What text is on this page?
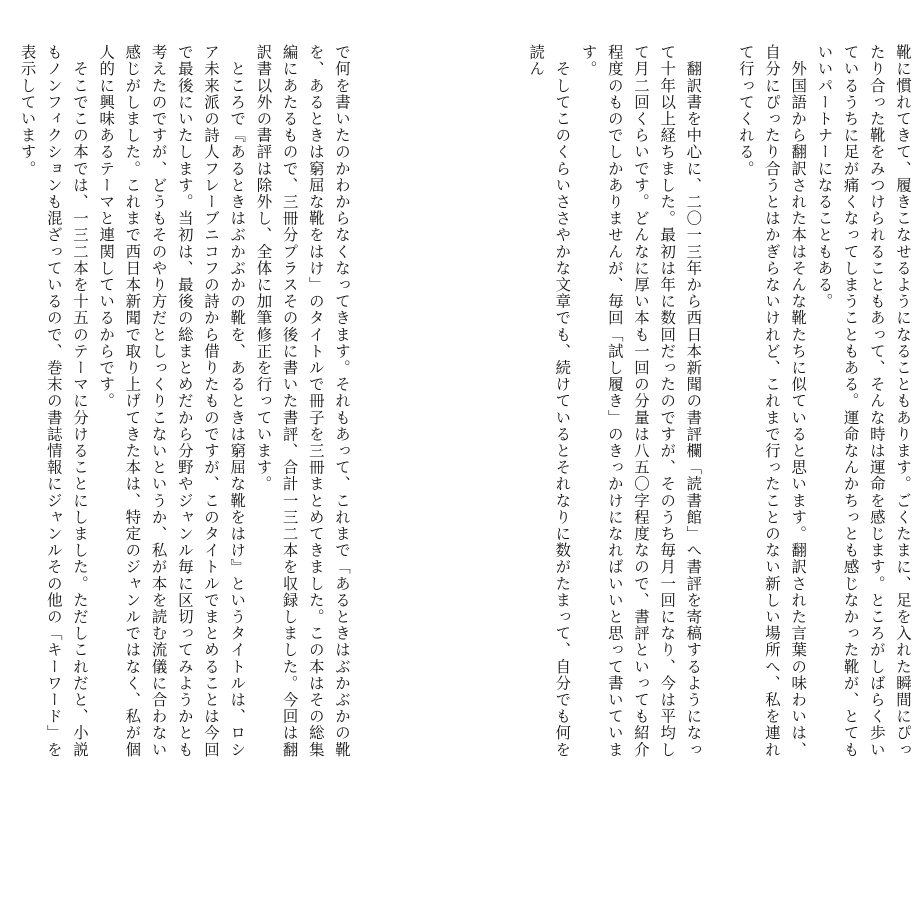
靴に慣れてきて、履きこなせるようになることもあります。ごくたまに、足を入れた瞬間にぴったり合った靴をみつけられることもあって、そんな時は運命を感じます。ところがしばらく歩いているうちに足が痛くなってしまうこともある。運命なんかちっとも感じなかった靴が、とてもいいパートナーになることもある。

　外国語から翻訳された本はそんな靴たちに似ていると思います。翻訳された言葉の味わいは、自分にぴったり合うとはかぎらないけれど、これまで行ったことのない新しい場所へ、私を連れて行ってくれる。

　翻訳書を中心に、二〇一三年から西日本新聞の書評欄「読書館」へ書評を寄稿するようになって十年以上経ちました。最初は年に数回だったのですが、そのうち毎月一回になり、今は平均して月二回くらいです。どんなに厚い本も一回の分量は八五〇字程度なので、書評といっても紹介程度のものでしかありませんが、毎回「試し履き」のきっかけになればいいと思って書いています。

　そしてこのくらいささやかな文章でも、続けているとそれなりに数がたまって、自分でも何を読ん

で何を書いたのかわからなくなってきます。それもあって、これまで「あるときはぶかぶかの靴を、あるときは窮屈な靴をはけ」のタイトルで冊子を三冊まとめてきました。この本はその総集編にあたるもので、三冊分プラスその後に書いた書評、合計一三二本を収録しました。今回は翻訳書以外の書評は除外し、全体に加筆修正を行っています。

　ところで『あるときはぶかぶかの靴を、あるときは窮屈な靴をはけ』というタイトルは、ロシア未来派の詩人フレーブニコフの詩から借りたものですが、このタイトルでまとめることは今回で最後にいたします。当初は、最後の総まとめだから分野やジャンル毎に区切ってみようかとも考えたのですが、どうもそのやり方だとしっくりこないというか、私が本を読む流儀に合わない感じがしました。これまで西日本新聞で取り上げてきた本は、特定のジャンルではなく、私が個人的に興味あるテーマと連関しているからです。

　そこでこの本では、一三二本を十五のテーマに分けることにしました。ただしこれだと、小説もノンフィクションも混ざっているので、巻末の書誌情報にジャンルその他の「キーワード」を表示しています。
